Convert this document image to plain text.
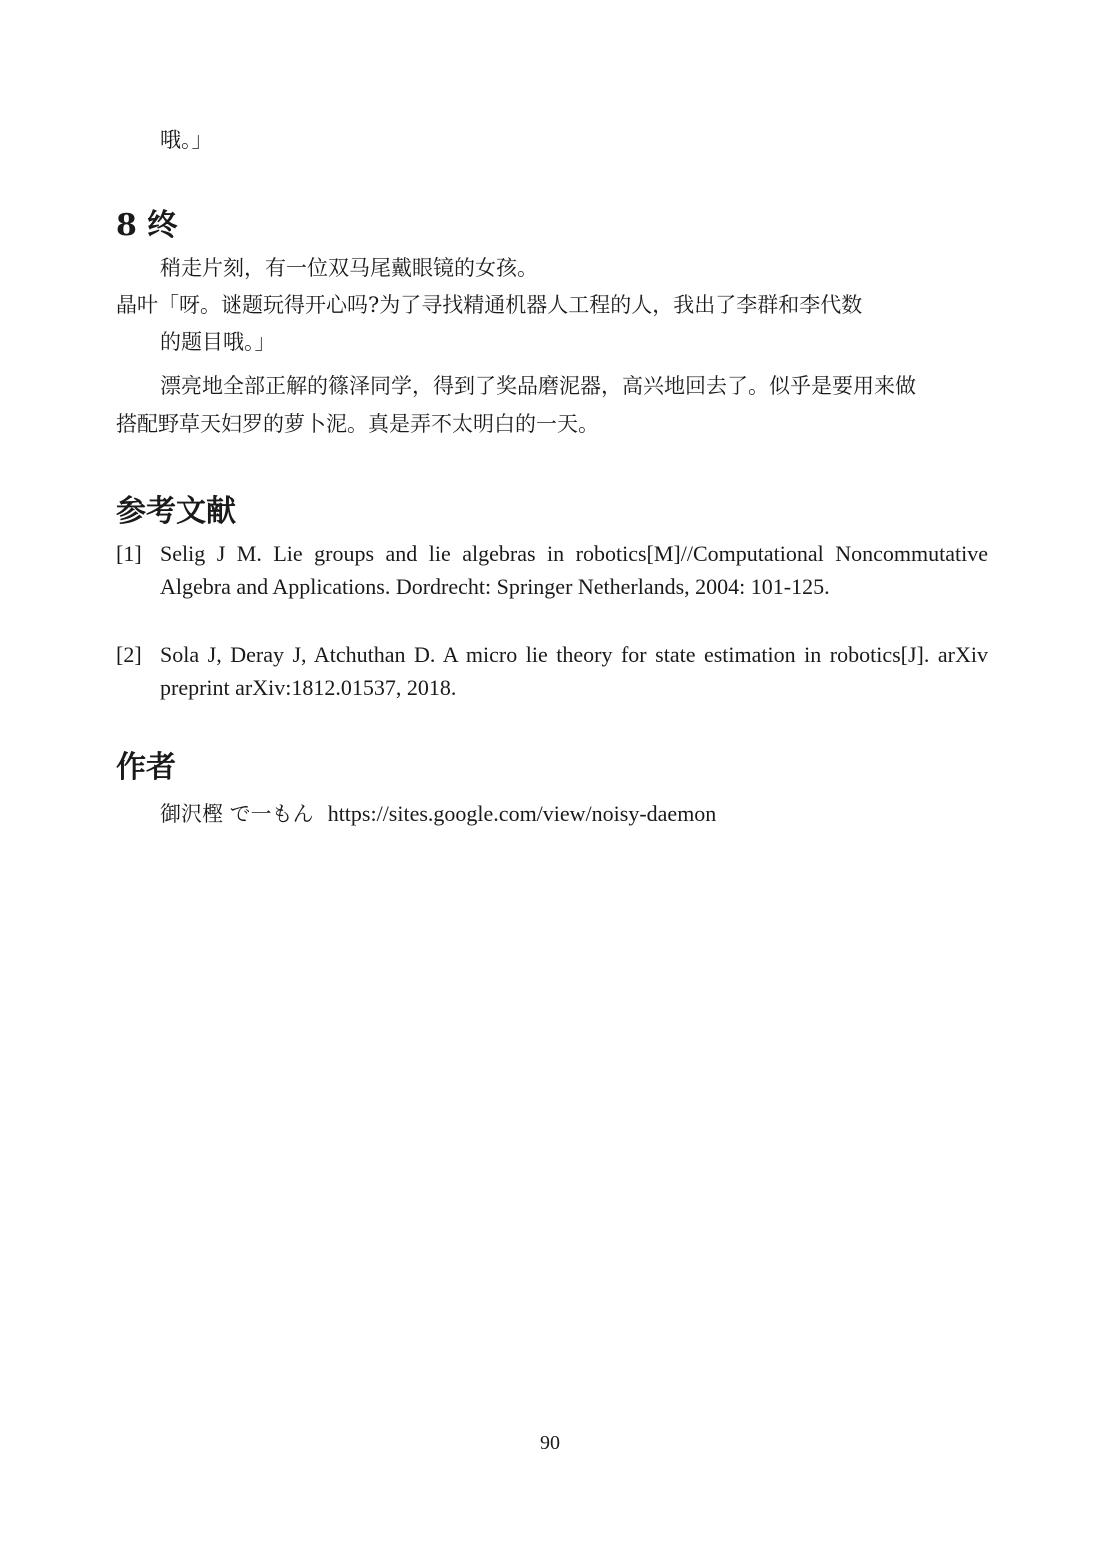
哦。」
8 终
稍走片刻，有一位双马尾戴眼镜的女孩。
晶叶「呀。谜题玩得开心吗?为了寻找精通机器人工程的人，我出了李群和李代数
的题目哦。」
漂亮地全部正解的篠泽同学，得到了奖品磨泥器，高兴地回去了。似乎是要用来做
搭配野草天妇罗的萝卜泥。真是弄不太明白的一天。
参考文献
[1] Selig J M. Lie groups and lie algebras in robotics[M]//Computational Noncommutative Algebra and Applications. Dordrecht: Springer Netherlands, 2004: 101-125.
[2] Sola J, Deray J, Atchuthan D. A micro lie theory for state estimation in robotics[J]. arXiv preprint arXiv:1812.01537, 2018.
作者
御沢樫 で一もん https://sites.google.com/view/noisy-daemon
90
